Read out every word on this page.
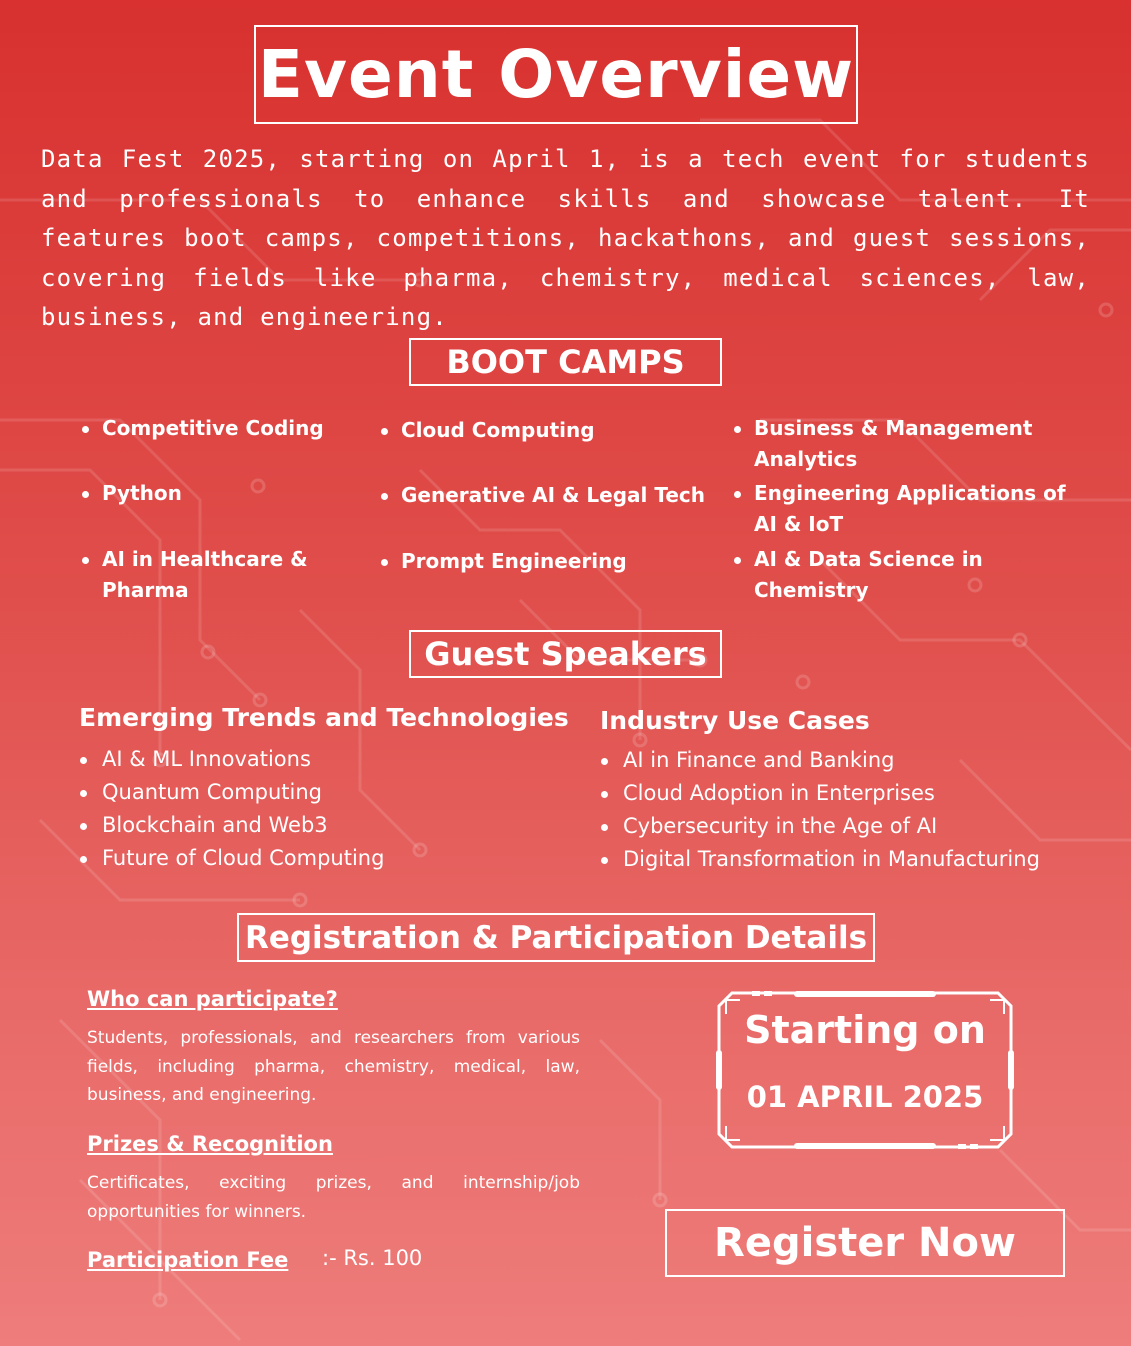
Event Overview

Data Fest 2025, starting on April 1, is a tech event for students and professionals to enhance skills and showcase talent. It features boot camps, competitions, hackathons, and guest sessions, covering fields like pharma, chemistry, medical sciences, law, business, and engineering.

BOOT CAMPS
Competitive Coding
Python
AI in Healthcare & Pharma
Cloud Computing
Generative AI & Legal Tech
Prompt Engineering
Business & Management Analytics
Engineering Applications of AI & IoT
AI & Data Science in Chemistry
Guest Speakers
Emerging Trends and Technologies
AI & ML Innovations
Quantum Computing
Blockchain and Web3
Future of Cloud Computing
Industry Use Cases
AI in Finance and Banking
Cloud Adoption in Enterprises
Cybersecurity in the Age of AI
Digital Transformation in Manufacturing
Registration & Participation Details
Who can participate?

Students, professionals, and researchers from various fields, including pharma, chemistry, medical, law, business, and engineering.

Prizes & Recognition

Certificates, exciting prizes, and internship/job opportunities for winners.

Participation Fee :- Rs. 100
Starting on
01 APRIL 2025
Register Now
